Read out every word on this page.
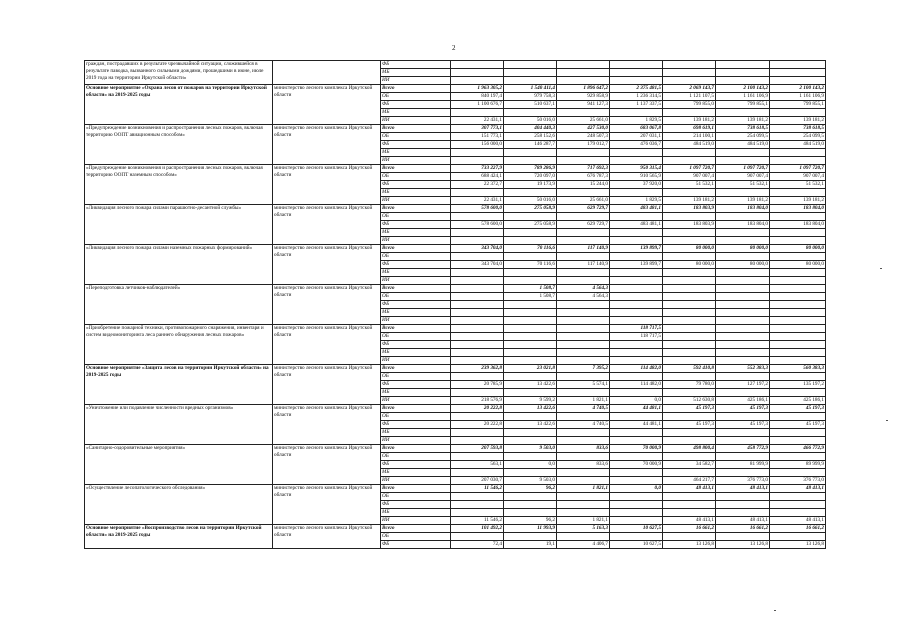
2
граждан, пострадавших в результате чрезвычайной ситуации, сложившейся в результате паводка, вызванного сильными дождями, прошедшими в июне, июле 2019 года на территории Иркутской области»		ФБ							
		МБ							
		ИИ							
Основное мероприятие «Охрана лесов от пожаров на территории Иркутской области» на 2019-2025 годы	министерство лесного комплекса Иркутской области	Всего	1 963 305,2	1 540 411,4	1 896 647,2	2 375 481,5	2 069 143,7	2 100 143,2	2 100 143,2
		ОБ	840 197,4	979 758,3	929 858,9	1 236 314,5	1 121 107,5	1 161 106,9	1 161 106,9
		ФБ	1 100 676,7	510 637,1	941 127,3	1 137 337,5	799 855,0	799 855,1	799 855,1
		МБ							
		ИИ	22 431,1	50 016,0	25 661,0	1 829,5	139 181,2	139 181,2	139 181,2
«Предупреждение возникновения и распространения лесных пожаров, включая территорию ООПТ авиационным способом»	министерство лесного комплекса Иркутской области	Всего	307 773,1	404 440,3	427 530,0	683 067,8	698 619,1	738 618,5	738 618,5
		ОБ	151 773,1	258 152,6	248 507,3	207 031,1	214 100,1	254 099,5	254 099,5
		ФБ	156 000,0	146 287,7	179 012,7	476 036,7	484 519,0	484 519,0	484 519,0
		МБ							
		ИИ							
«Предупреждение возникновения и распространения лесных пожаров, включая территорию ООПТ наземным способом»	министерство лесного комплекса Иркутской области	Всего	733 227,9	789 286,9	717 692,3	950 315,4	1 097 720,7	1 097 720,7	1 097 720,7
		ОБ	688 424,1	720 097,0	676 787,3	910 565,9	907 007,4	907 007,4	907 007,4
		ФБ	22 372,7	19 173,9	15 244,0	37 920,0	51 532,1	51 532,1	51 532,1
		МБ							
		ИИ	22 431,1	50 016,0	25 661,0	1 829,5	139 181,2	139 181,2	139 181,2
«Ликвидация лесного пожара силами парашютно-десантной службы»	министерство лесного комплекса Иркутской области	Всего	578 600,0	275 058,9	629 729,7	483 481,1	183 803,9	183 804,0	183 804,0
		ОБ							
		ФБ	578 600,0	275 058,9	629 729,7	483 481,1	183 803,9	183 804,0	183 804,0
		МБ							
		ИИ							
«Ликвидация лесного пожара силами наземных пожарных формирований»	министерство лесного комплекса Иркутской области	Всего	343 704,0	70 116,6	117 140,9	139 899,7	80 000,0	80 000,0	80 000,0
		ОБ							
		ФБ	343 704,0	70 116,6	117 140,9	139 899,7	80 000,0	80 000,0	80 000,0
		МБ							
		ИИ							
«Переподготовка летчиков-наблюдателей»	министерство лесного комплекса Иркутской области	Всего		1 508,7	4 564,3				
		ОБ		1 508,7	4 564,3				
		ФБ							
		МБ							
		ИИ							
«Приобретение пожарной техники, противопожарного снаряжения, инвентаря и систем видеомониторинга леса раннего обнаружения лесных пожаров»	министерство лесного комплекса Иркутской области	Всего				118 717,5			
		ОБ				118 717,5			
		ФБ							
		МБ							
		ИИ							
Основное мероприятие «Защита лесов на территории Иркутской области» на 2019-2025 годы	министерство лесного комплекса Иркутской области	Всего	239 362,8	23 021,8	7 395,2	114 482,0	592 410,8	552 383,3	560 383,3
		ОБ							
		ФБ	20 785,9	13 422,6	5 574,1	114 482,0	79 780,0	127 197,2	135 197,2
		МБ							
		ИИ	218 576,9	9 599,2	1 821,1	0,0	512 630,8	425 186,1	425 186,1
«Уничтожение или подавление численности вредных организмов»	министерство лесного комплекса Иркутской области	Всего	20 222,8	13 422,6	4 740,5	44 481,1	45 197,3	45 197,3	45 197,3
		ОБ							
		ФБ	20 222,8	13 422,6	4 740,5	44 481,1	45 197,3	45 197,3	45 197,3
		МБ							
		ИИ							
«Санитарно-оздоровительные мероприятия»	министерство лесного комплекса Иркутской области	Всего	207 593,8	9 503,0	833,6	70 000,9	498 800,4	458 772,9	466 772,9
		ОБ							
		ФБ	563,1	0,0	833,6	70 000,9	34 582,7	81 999,9	89 999,9
		МБ							
		ИИ	207 030,7	9 503,0			464 217,7	376 773,0	376 773,0
«Осуществление лесопатологического обследования»	министерство лесного комплекса Иркутской области	Всего	11 546,2	96,2	1 821,1	0,0	48 413,1	48 413,1	48 413,1
		ОБ							
		ФБ							
		МБ							
		ИИ	11 546,2	96,2	1 821,1		48 413,1	48 413,1	48 413,1
Основное мероприятие «Воспроизводство лесов на территории Иркутской области» на 2019-2025 годы	министерство лесного комплекса Иркутской области	Всего	101 492,2	11 993,9	5 163,3	10 627,5	16 661,2	16 661,2	16 661,2
		ОБ							
		ФБ	72,4	19,1	4 406,7	10 627,5	13 126,8	13 126,8	13 126,8
